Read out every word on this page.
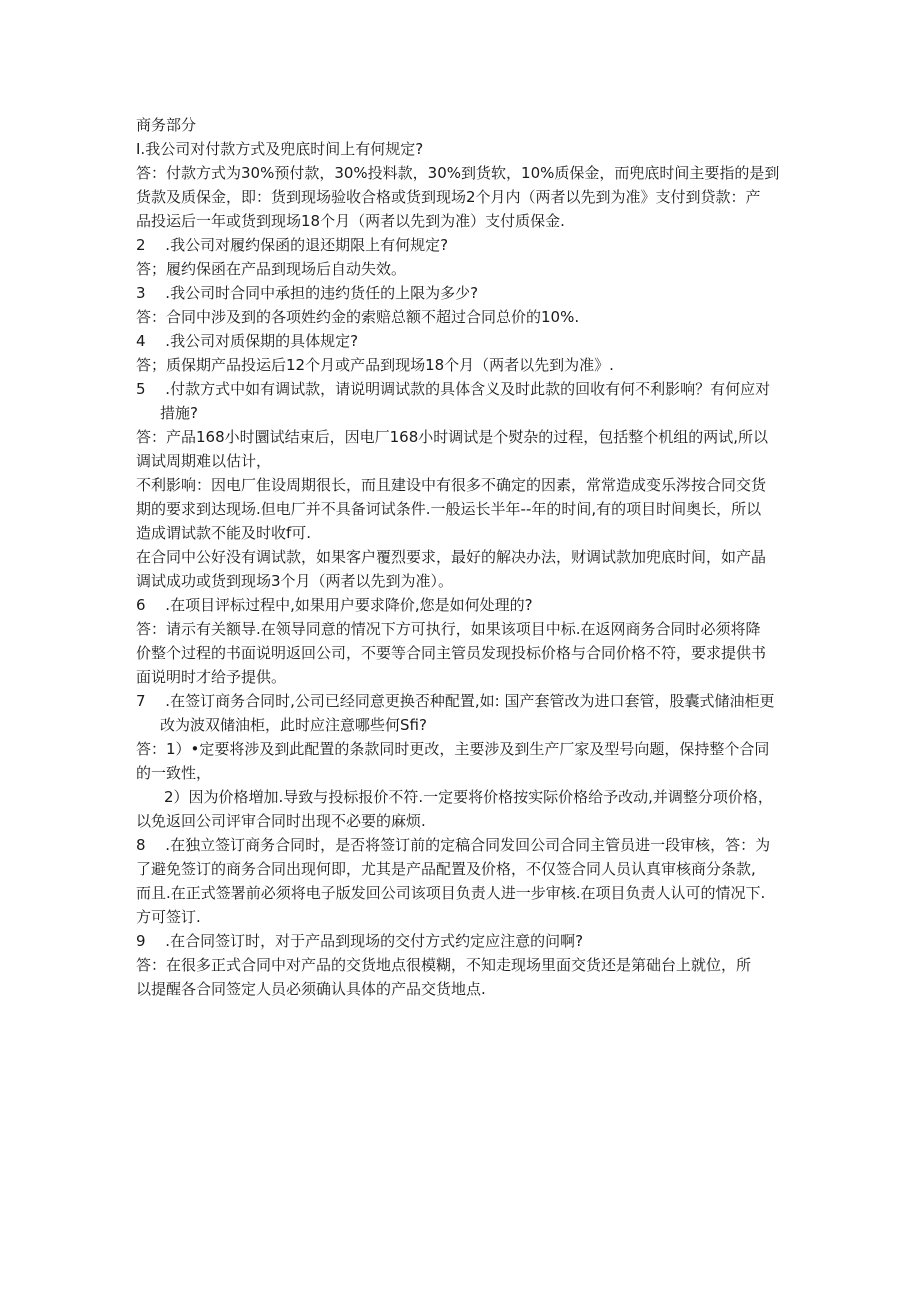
商务部分

I.我公司对付款方式及兜底时间上有何规定?

答：付款方式为30%预付款，30%投料款，30%到货软，10%质保金，而兜底时间主要指的是到

货款及质保金，即：货到现场验收合格或货到现场2个月内（两者以先到为准》支付到贷款：产

品投运后一年或货到现场18个月（两者以先到为准）支付质保金.

2  .我公司对履约保函的退还期限上有何规定?

答；履约保函在产品到现场后自动失效。

3  .我公司时合同中承担的违约货任的上限为多少?

答：合同中涉及到的各项姓约金的索赔总额不超过合同总价的10%.

4  .我公司对质保期的具体规定?

答；质保期产品投运后12个月或产品到现场18个月（两者以先到为准》.

5  .付款方式中如有调试款，请说明调试款的具体含义及时此款的回收有何不利影响？有何应对

措施?

答：产品168小时圜试结束后，因电厂168小时调试是个熨杂的过程，包括整个机组的两试,所以

调试周期难以估计，

不利影响：因电厂隹设周期很长，而且建设中有很多不确定的因素，常常造成变乐涔按合同交货

期的要求到达现场.但电厂并不具备诃试条件.一般运长半年--年的时间,有的项目时间奥长，所以

造成谓试款不能及时收f可.

在合同中公好没有调试款，如果客户覆烈要求，最好的解决办法，财调试款加兜底时间，如产晶

调试成功或货到现场3个月（两者以先到为准）。

6  .在项目评标过程中,如果用户要求降价,您是如何处理的?

答：请示有关额导.在领导同意的情况下方可执行，如果该项目中标.在返网商务合同时必须将降

价整个过程的书面说明返回公司，不要等合同主管员发现投标价格与合同价格不符，要求提供书

面说明时才给予提供。

7  .在签订商务合同时,公司已经同意更换否种配置,如: 国产套管改为进口套管，股囊式储油柜更

改为波双储油柜，此时应注意哪些何Sfi?

答：1）•定要将涉及到此配置的条款同时更改，主要涉及到生产厂家及型号向题，保持整个合同

的一致性，

2）因为价格増加.导致与投标报价不符.一定要将价格按实际价格给予改动,并调整分项价格，

以免返回公司评审合同时出现不必要的麻烦.

8  .在独立签订商务合同时，是否将签订前的定稿合同发回公司合同主管员进一段审核，答：为

了避免签订的商务合同出现何即，尤其是产品配置及价格，不仅签合同人员认真审核商分条款,

而且.在正式签署前必须将电子版发回公司该项目负责人进一步审核.在项目负责人认可的情况下.

方可签订.

9  .在合同签订时，对于产品到现场的交付方式约定应注意的问啊?

答：在很多正式合同中对产品的交货地点很模糊，不知走现场里面交货还是第础台上就位，所

以提醒各合同签定人员必须确认具体的产品交货地点.
